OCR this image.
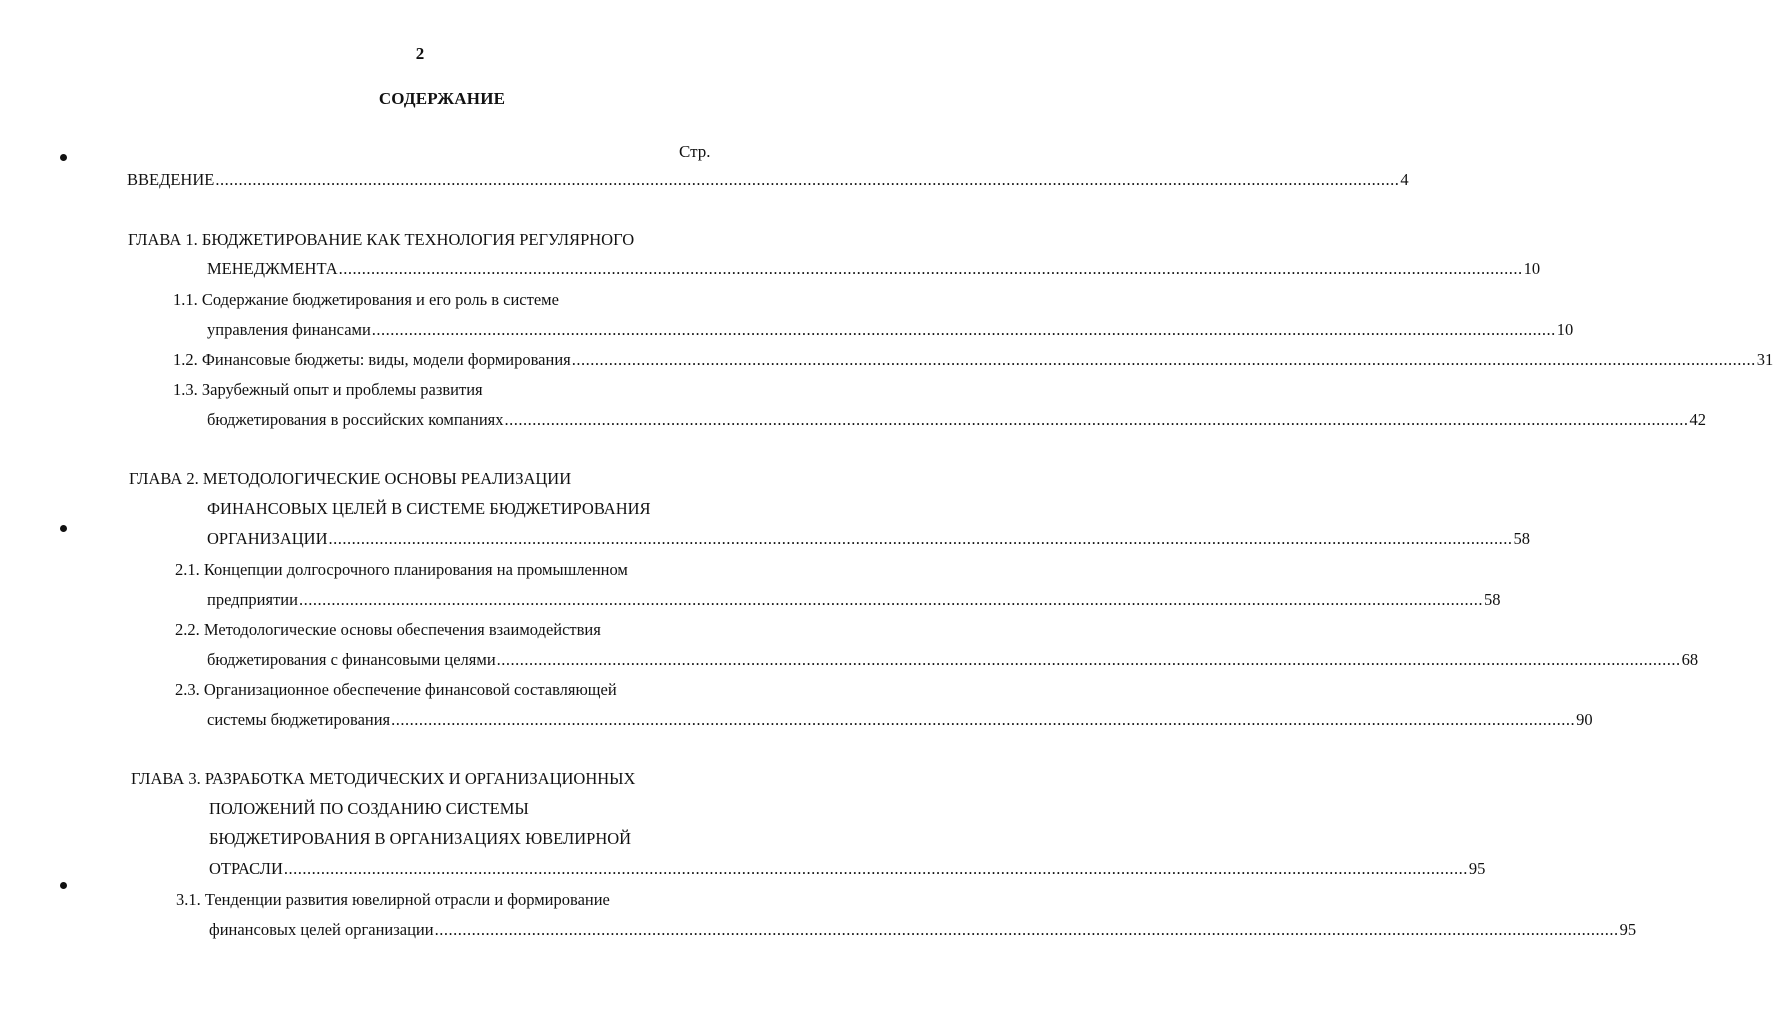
2
СОДЕРЖАНИЕ
Стр.
ВВЕДЕНИЕ ................................................................................................................................................................................................................................................................ 4
ГЛАВА 1. БЮДЖЕТИРОВАНИЕ КАК ТЕХНОЛОГИЯ РЕГУЛЯРНОГО
МЕНЕДЖМЕНТА ................................................................................................................................................................................................................................................................ 10
1.1. Содержание бюджетирования и его роль в системе
управления финансами ................................................................................................................................................................................................................................................................ 10
1.2. Финансовые бюджеты: виды, модели формирования ................................................................................................................................................................................................................................................................ 31
1.3. Зарубежный опыт и проблемы развития
бюджетирования в российских компаниях ................................................................................................................................................................................................................................................................ 42
ГЛАВА 2. МЕТОДОЛОГИЧЕСКИЕ ОСНОВЫ РЕАЛИЗАЦИИ
ФИНАНСОВЫХ ЦЕЛЕЙ В СИСТЕМЕ БЮДЖЕТИРОВАНИЯ
ОРГАНИЗАЦИИ ................................................................................................................................................................................................................................................................ 58
2.1. Концепции долгосрочного планирования на промышленном
предприятии ................................................................................................................................................................................................................................................................ 58
2.2. Методологические основы обеспечения взаимодействия
бюджетирования с финансовыми целями ................................................................................................................................................................................................................................................................ 68
2.3. Организационное обеспечение финансовой составляющей
системы бюджетирования ................................................................................................................................................................................................................................................................ 90
ГЛАВА 3. РАЗРАБОТКА МЕТОДИЧЕСКИХ И ОРГАНИЗАЦИОННЫХ
ПОЛОЖЕНИЙ ПО СОЗДАНИЮ СИСТЕМЫ
БЮДЖЕТИРОВАНИЯ В ОРГАНИЗАЦИЯХ ЮВЕЛИРНОЙ
ОТРАСЛИ ................................................................................................................................................................................................................................................................ 95
3.1. Тенденции развития ювелирной отрасли и формирование
финансовых целей организации ................................................................................................................................................................................................................................................................ 95
